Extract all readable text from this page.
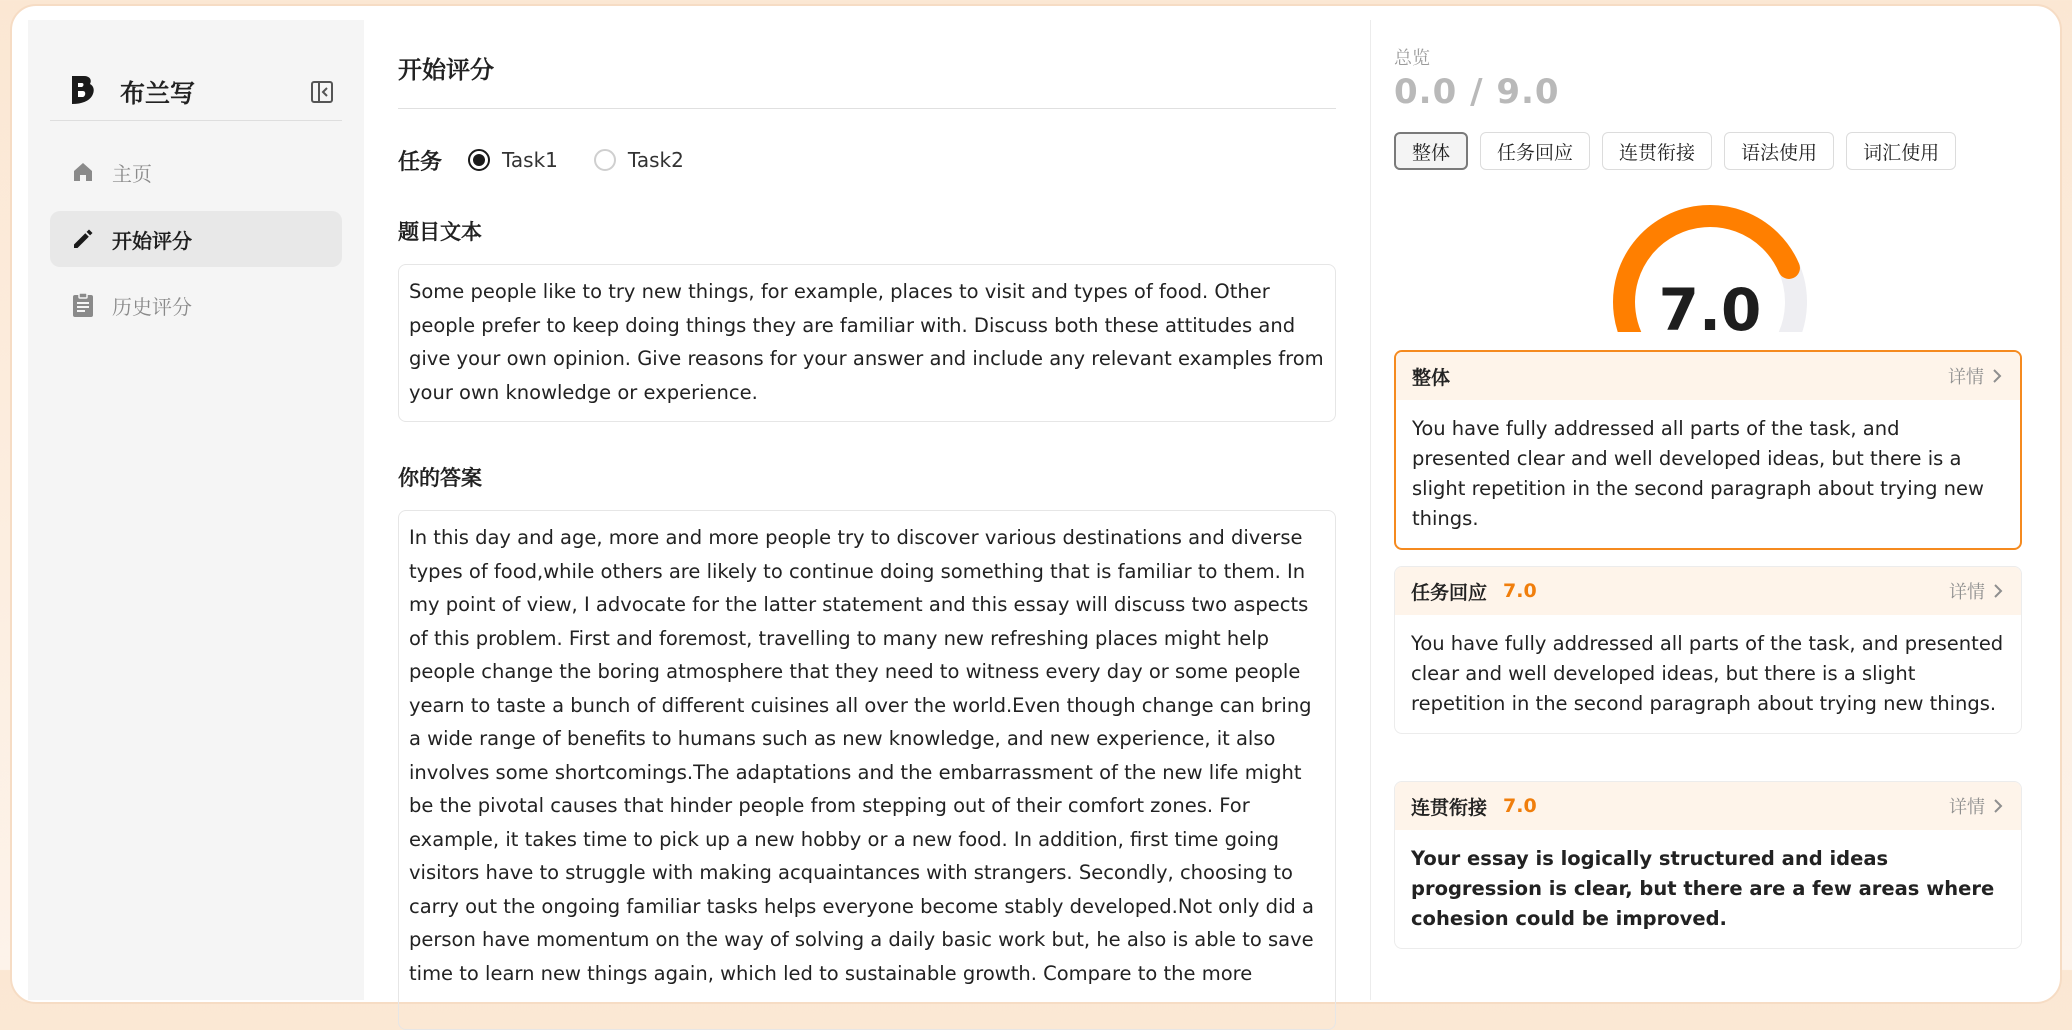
布兰写
主页
开始评分
历史评分
开始评分
任务	Task1	Task2
题目文本
Some people like to try new things, for example, places to visit and types of food. Other people prefer to keep doing things they are familiar with. Discuss both these attitudes and give your own opinion. Give reasons for your answer and include any relevant examples from your own knowledge or experience.
你的答案
In this day and age, more and more people try to discover various destinations and diverse types of food,while others are likely to continue doing something that is familiar to them. In my point of view, I advocate for the latter statement and this essay will discuss two aspects of this problem. First and foremost, travelling to many new refreshing places might help people change the boring atmosphere that they need to witness every day or some people yearn to taste a bunch of different cuisines all over the world.Even though change can bring a wide range of benefits to humans such as new knowledge, and new experience, it also involves some shortcomings.The adaptations and the embarrassment of the new life might be the pivotal causes that hinder people from stepping out of their comfort zones. For example, it takes time to pick up a new hobby or a new food. In addition, first time going visitors have to struggle with making acquaintances with strangers. Secondly, choosing to carry out the ongoing familiar tasks helps everyone become stably developed.Not only did a person have momentum on the way of solving a daily basic work but, he also is able to save time to learn new things again, which led to sustainable growth. Compare to the more
总览
0.0 / 9.0
整体	任务回应	连贯衔接	语法使用	词汇使用
7.0
整体	详情
You have fully addressed all parts of the task, and presented clear and well developed ideas, but there is a slight repetition in the second paragraph about trying new things.
任务回应 7.0	详情
You have fully addressed all parts of the task, and presented clear and well developed ideas, but there is a slight repetition in the second paragraph about trying new things.
连贯衔接 7.0	详情
Your essay is logically structured and ideas progression is clear, but there are a few areas where cohesion could be improved.
